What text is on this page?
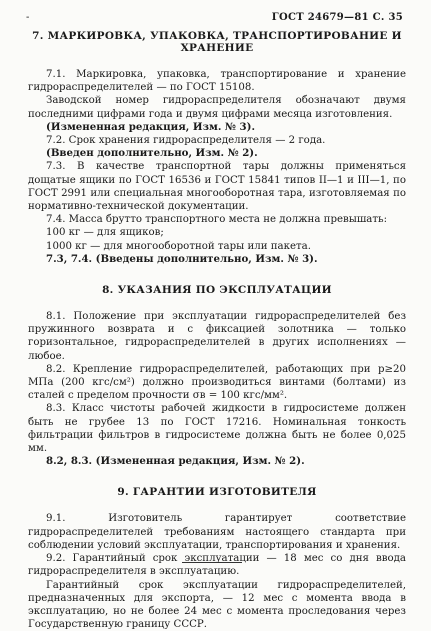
-	ГОСТ 24679—81 С. 35
7. МАРКИРОВКА, УПАКОВКА, ТРАНСПОРТИРОВАНИЕ И ХРАНЕНИЕ

7.1. Маркировка, упаковка, транспортирование и хранение гидрораспределителей — по ГОСТ 15108.

Заводской номер гидрораспределителя обозначают двумя последними цифрами года и двумя цифрами месяца изготовления.

(Измененная редакция, Изм. № 3).

7.2. Срок хранения гидрораспределителя — 2 года.

(Введен дополнительно, Изм. № 2).

7.3. В качестве транспортной тары должны применяться дощатые ящики по ГОСТ 16536 и ГОСТ 15841 типов II—1 и III—1, по ГОСТ 2991 или специальная многооборотная тара, изготовляемая по нормативно-технической документации.

7.4. Масса брутто транспортного места не должна превышать:

100 кг — для ящиков;

1000 кг — для многооборотной тары или пакета.

7.3, 7.4. (Введены дополнительно, Изм. № 3).

8. УКАЗАНИЯ ПО ЭКСПЛУАТАЦИИ

8.1. Положение при эксплуатации гидрораспределителей без пружинного возврата и с фиксацией золотника — только горизонтальное, гидрораспределителей в других исполнениях — любое.

8.2. Крепление гидрораспределителей, работающих при p≥20 МПа (200 кгс/см²) должно производиться винтами (болтами) из сталей с пределом прочности σв = 100 кгс/мм².

8.3. Класс чистоты рабочей жидкости в гидросистеме должен быть не грубее 13 по ГОСТ 17216. Номинальная тонкость фильтрации фильтров в гидросистеме должна быть не более 0,025 мм.

8.2, 8.3. (Измененная редакция, Изм. № 2).

9. ГАРАНТИИ ИЗГОТОВИТЕЛЯ

9.1. Изготовитель гарантирует соответствие гидрораспределителей требованиям настоящего стандарта при соблюдении условий эксплуатации, транспортирования и хранения.

9.2. Гарантийный срок эксплуатации — 18 мес со дня ввода гидрораспределителя в эксплуатацию.

Гарантийный срок эксплуатации гидрораспределителей, предназначенных для экспорта, — 12 мес с момента ввода в эксплуатацию, но не более 24 мес с момента проследования через Государственную границу СССР.
